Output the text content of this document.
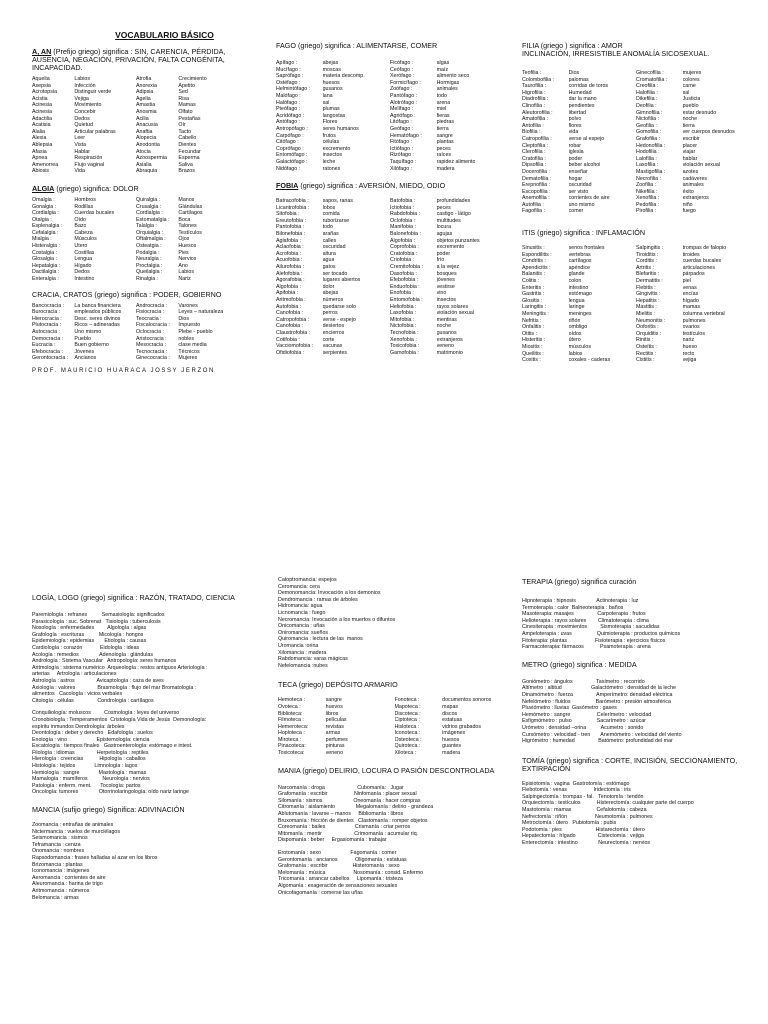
VOCABULARIO BÁSICO
A, AN (Prefijo griego) significa : SIN, CARENCIA, PÉRDIDA,
AUSENCIA, NEGACIÓN, PRIVACIÓN, FALTA CONGÉNITA,
INCAPACIDAD.
Aquelia	Labios	Atrofia	Crecimiento
Asepsia	Infección	Anorexia	Apetito
Acrotopsia	Distinguir verde	Adipsia	Sed
Acistia	Vejiga	Agelia	Risa
Acinesia	Movimiento	Amastia	Mamas
Acinesia	Concebir	Anosmia	Olfato
Adactilia	Dedos	Acilia	Pestañas
Acatisia	Quietud	Anacusia	Oír
Alalia	Articular palabras	Anaftia	Tacto
Alexia	Leer	Alopecia	Cabello
Ablepsia	Vista	Anodontia	Dientes
Afasia	Hablar	Atocia	Fecundar
Apnea	Respiración	Azoospermia	Esperma
Amenorrea	Flujo vaginal	Asialia	Saliva
Abiosis	Vida	Abraquia	Brazos
ALGIA (griego) significa: DOLOR
Omalgia :	Hombros	Quiralgia :	Manos
Gonalgia :	Rodillas	Crusalgia :	Glándulas
Cordialgia :	Cuerdas bucales	Cordialgia :	Cartílagos
Otalgia :	Oído	Estomatalgia :	Boca
Esplenalgia :	Bazo	Talalgia :	Talones
Cefalalgia :	Cabeza	Orquialgia :	Testículos
Mialgia :	Músculos	Oftalmalgia :	Ojos
Histeralgia :	Útero	Osteatgia :	Huesos
Costalgia :	Costillas	Podalgia :	Pies
Glosalgia :	Lengua	Neuralgia :	Nervios
Hepatalgia :	Hígado	Proctalgia :	Ano
Dactilalgia :	Dedos	Queilalgia :	Labios
Enteralgia :	Intestino	Rinalgia :	Nariz
CRACIA, CRATOS (griego) significa : PODER, GOBIERNO
Bancocracia :	La banca financiera	Androcracia :	Varones
Burocracia :	empleados públicos	Fisiocracia :	Leyes – naturaleza
Hierocracia :	Desc. seres divinos	Teocracia :	Dios
Plutocracia :	Ricos – adineradas	Fiscalocracia :	Impuesto
Autocracia :	Uno mismo	Oclocracia :	Plebe - pueblo
Democracia :	Pueblo	Aristocracia :	nobles
Eucracia :	Buen gobierno	Mesocracia :	clase media
Efebocracia :	Jóvenes	Tecnocracia :	Técnicos
Gerontocracia :	Ancianos	Ginecocracia :	Mujeres
PROF. MAURICIO HUARACA JOSSY JERZON
FAGO (griego) significa : ALIMENTARSE, COMER
Apífago :	abejas	Ficófago :	algas
Mucífago :	moscas	Ceófago :	maíz
Saprófago :	materia descomp.	Xerófago :	alimento seco
Ostéfago :	huesos	Formicífago :	Hormigas
Helmintófago :	gusanos	Zoófago :	animales
Malófago :	lana	Pantófago :	todo
Halófago :	sal	Alotrófago :	arena
Pteófago :	plumas	Melífago :	miel
Acridófago :	langostas	Agriófago :	fieras
Antófago :	Flores	Litófago :	piedras
Antropófago :	seres humanos	Geófago :	tierra
Carpófago :	frutos	Hematófago :	sangre
Citófago :	células	Fitófago :	plantas
Coprófago :	excremento	Ictiófago :	peces
Entomófago :	insectos	Rizófago :	raíces
Galactófago :	leche	Taquífago :	rapidez alimento
Nidófago :	ratones	Xilófago :	madera
FOBIA (griego) significa : AVERSIÓN, MIEDO, ODIO
Batracofobia :	sapos, ranas	Batofobia :	profundidades
Licantrofobia :	lobos	Ictiofobia :	peces
Sitofobia :	comida	Rabdofobia :	castigo - látigo
Ereutofobia :	ruborizarse	Oclofobia :	multitudes
Pantofobia :	todo	Manifobia :	locura
Bilonefobia :	arañas	Balonefobia :	agujas
Agiafobia :	calles	Algofobia :	objetos punzantes
Aclaofobia :	oscuridad	Coprofobia :	excremento
Acrofobia :	altura	Cratofobia :	poder
Acuofobia :	agua	Criofobia :	frío
Ailurofobia :	gatos	Cremitofobia :	a la vejez
Alefofobia :	ser tocado	Dasofobia :	bosques
Agorafobia :	lugares abiertos	Efebofobia :	jóvenes
Algofobia :	dolor	Enduofobia :	vestirse
Apifobia :	abejas	Enofobia :	vino
Aritmofobia :	números	Entomofobia :	insectos
Autofobia :	quedarse solo	Heliofobia :	rayos solares
Canofobia :	perros	Laxofobia :	violación sexual
Catropofobia :	verse - espejo	Mitofobia :	mentiras
Canofobia :	desiertos	Nictofobia :	noche
Claustrofobia :	encierros	Tecnofobia :	gusanos
Cotifobia :	corte	Xenofobia :	extranjeros
Vacciomofobia :	vacunas	Toxicofobia :	veneno
Ofidiofobia :	serpientes	Gamofobia :	matrimonio
FILIA (griego ) significa : AMOR
INCLINACIÓN, IRRESISTIBLE ANOMALÍA SICOSEXUAL.
Teofilia :	Dios	Ginecofilia :	mujeres
Colombofilia :	palomas	Cromatofilia :	colores
Taurofilia :	corridas de toros	Creofilia :	carne
Higrofilia :	Humedad	Halofilia :	sal
Diadrofilia :	dar la mano	Dikefilia :	Justicia
Clinofilia :	pendientes	Deofilia :	pueblo
Aleutorofilia :	libertad	Gimnofilia :	estar desnudo
Amatofilia :	polvo	Nictofilia :	noche
Antofilia :	flores	Geofilia :	tierra
Biofilia :	vida	Gomofilia :	ver cuerpos desnudos
Catropofilia :	verse al espejo	Grafofilia :	escribir
Cleptofilia :	robar	Hedonofilia :	placer
Clerofilia :	iglesia	Hodofilia :	viajar
Cratofilia :	poder	Lalofilia :	hablar
Dipsofilia :	beber alcohol	Laxofilia :	violación sexual
Docerofilia :	enseñar	Mastigofilia :	azotes
Dematofilia :	hogar	Necrofilia :	cadáveres
Erepnofilia :	oscuridad	Zoofilia :	animales
Escopofilia :	ser visto	Nikefilia :	éxito
Anemofilia :	corrientes de aire	Xenofilia :	extranjeros
Autofilia :	uno mismo	Pedofilia :	niño
Fagofilia :	comer	Pirofilia :	fuego
ITIS (griego) significa : INFLAMACIÓN
Sinusitis :	senos frontales	Salpingitis :	trompas de falopio
Espondilitis :	vertebras	Tiroiditis :	tiroides
Condritis :	cartílagos	Corditis :	cuerdas bucales
Apendicitis :	apéndice	Artritis :	articulaciones
Balanitis :	glande	Blefaritis :	párpados
Colitis :	colon	Dermatitis :	piel
Enteritis :	intestino	Flebitis :	venas
Gastritis :	estómago	Gingivitis :	encías
Glositis :	lengua	Hepatitis :	hígado
Laringitis :	laringe	Mastitis :	mamas
Meningitis :	meninges	Mielitis :	columna vertebral
Nefritis :	riñón	Neumonitis :	pulmones
Onfalitis :	ombligo	Ooforitis :	ovarios
Otitis :	oídos	Orquiditis :	testículos
Histeritis :	útero	Rinitis :	nariz
Miositis :	músculos	Osteítis :	hueso
Queilitis :	labios	Rectitis :	recto
Coxitis :	coxales - caderas	Cistitis :	vejiga
LOGÍA, LOGO (griego) significa : RAZÓN, TRATADO, CIENCIA
Paremiología : refranes          Semasiología: significados
Parasicología : suc. Sobrenat   Tisiología : tuberculosis
Nosología : enfermedades         Algología : algas
Grafología : escrituras          Micología : hongos
Epidemiología : epidemias       Etiología : causas
Cardiología : corazón            Eidología : ideas
Acología : remedios              Adenología : glándulas
Andrología : Sistema Vascular   Antropología: seres humanos
Aritmología : sistema numérico  Arqueología : restos antiguos Arteriología :
arterias     Artrología : articulaciones
Astrología : astros               Avicaptología : caza de aves
Axiología : valores               Brasmología : flujo del mar Bromatología :
alimentos   Cacología : vicios verbales
Citología : células                Condrología : cartílagos
Conquiliología: moluscos         Cosmología : leyes del universo
Cronobiología : Temperamentos  Cristología Vida de Jesús  Demonología:
espíritu inmundos Dendrología: árboles
Deontología : deber y derecho   Edafología : suelos
Enología : vino                    Epistemología: ciencia
Escatología : tiempos finales   Gastroenterología: estómago e intest.
Filología : idiomas               Herpetología : reptiles
Hierología : creencias           Hipología : caballos
Histología : tejidos             Limnología : lagos
Hemiología : sangre             Mastología : mamas
Mamalogía : mamíferos          Neurología : nervios
Patología : enferm. ment.      Tocología: partos
Oncología: tumores              Otorrinolaringología: oído nariz laringe
MANCIA (sufijo griego) Significa: ADIVINACIÓN
Zoomancia : entrañas de animales
Nictermancia : vuelos de murciélagos
Seismomancia : sismos
Teframancia : ceniza
Onomancia : nombres
Rapsodomancia : frases halladas al azar en los libros
Brizomancia : plantas
Iconomancia : imágenes
Aeromancia : corrientes de aire
Aleuromancia : harina de trigo
Aritmomancia : números
Belomancia : armas
Catoptromancia: espejos
Ceromancia: cera
Demonomancia: Invocación a los demonios
Dendromancia : ramas de árboles
Hidromancia: agua
Licnomancia : fuego
Necromancia: Invocación a los muertos o difuntos
Onicomancia : uñas
Oniromancia: sueños
Quiromancia : lectura de las  manos
Uromancia :orina
Xilomancia : madera
Rabdomancia: varas mágicas
Nefelomancia :nubes
TECA (griego) DEPÓSITO ARMARIO
Hemoteca :	sangre	Fonoteca :	documentos sonoros
Ovoteca :	huevos	Mapoteca :	mapas
Biblioteca:	libros	Discoteca :	discos
Filmoteca :	películas	Ciptoteca :	estatuas
Hemeroteca:	revistas	Hisloteca :	vidrios grabados
Hoploteca :	armas	Iconoteca :	imágenes
Miroteca :	perfumes	Osteoteca :	huesos
Pinacoteca:	pinturas	Quiroteca :	guantes
Toxicoteca:	veneno	Xiloteca :	madera
MANIA (griego) DELIRIO, LOCURA O PASIÓN DESCONTROLADA
Narcomanía : droga                      Cubomanía:   Jugar
Grafomanía : escribir                  Ninfomanía : placer sexual
Silomanía : sismos                     Oneomanía : hacer compras
Citromanía : aislamiento              Megalomanía : delirio - grandeza
Ablutomanía : lavarse – manos     Bibliomanía : libros
Bruxomanía : fricción de dientes   Clastomanía : romper objetos
Coreomanía : bailes                    Crismanía : criar perros
Mitomanía : mentir                      Crimomanía : acumular riq.
Dispomanía : beber     Ergasiomanía : trabajar
Erotomanía : sexo                    Fagomanía : comer
Gerontomanía : ancianos            Oligomanía : estatuas
Grafomanía : escribir                 Histeromanía : sexo
Melomanía : música                   Nosomanía : consid. Enfermo
Tricomanía : arrancar cabellos     Lipomanía : tristeza
Algomanía : exageración de sensaciones sexuales
Onicofagomanía : comerse las uñas
TERAPIA (griego) significa curación
Hipnoterapia : hipnosis              Actinoterapia : luz
Termoterapia : calor  Balneoterapia : baños
Masoterapia: masajes                Carpoterapia : frutos
Helioterapia : rayos solares        Climatoterapia : clima
Cinesiterapia : movimientos         Sismoterapia : sacudidas
Ampeloterapia : uvas                 Quimioterapia : productos químicos
Fitoterapia: plantas                   Fisioterapia : ejercicios físicos
Farmacoterapia: fármacos           Psamoterapia : arena
METRO (griego) significa : MEDIDA
Goniómetro : ángulos                Taxímetro : recorrido
Altímetro : altitud                    Galactómetro : densidad de la leche
Dinamómetro : fuerza                Amperímetro: densidad eléctrica
Nefelómetro : fluidos                 Barómetro : presión atmosférica
Pluviómetro : lluvias  Gasómetro : gases
Hemómetro : sangre                  Celerímetro : velocidad
Esfigmómetro : pulso                 Sacarímetro : azúcar
Urómetro : densidad –orina          Acumetro : sonido
Cursómetro : velocidad - tren       Anemómetro : velocidad del viento
Higrómetro : humedad                Batómetro: profundidad del mar
TOMÍA (griego) significa : CORTE, INCISIÓN, SECCIONAMIENTO,
EXTIRPACIÓN
Episiotomía : vagina  Gastrotomía : estómago
Flebotomía : venas                  Iridectomía : iris
Salpingectomía : trompas - fal.   Tenotomía : tendón
Orquiectomía : testículos           Histerectomía: cualquier parte del cuerpo
Mastotomía : mamas                 Cefalotomía : cabeza
Nefrectomía : riñón                   Neumotomía : pulmones
Metroctomía : útero   Pubiotomía : pubis
Podotomía : pies                       Histarectomía : útero
Hepatectomía : hígado               Cistectomía : vejiga
Enterectomía : intestino              Neurectomía : nervios
